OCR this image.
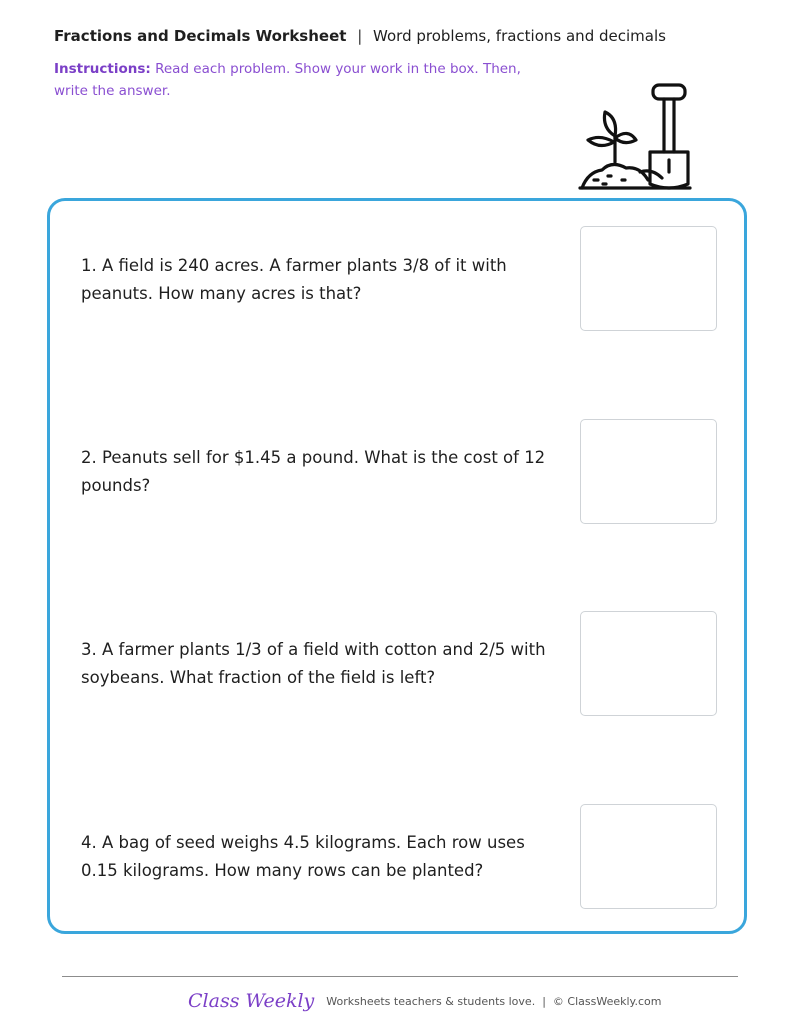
Fractions and Decimals Worksheet | Word problems, fractions and decimals
Instructions: Read each problem. Show your work in the box. Then, write the answer.
1. A field is 240 acres. A farmer plants 3/8 of it with peanuts. How many acres is that?
2. Peanuts sell for $1.45 a pound. What is the cost of 12 pounds?
3. A farmer plants 1/3 of a field with cotton and 2/5 with soybeans. What fraction of the field is left?
4. A bag of seed weighs 4.5 kilograms. Each row uses 0.15 kilograms. How many rows can be planted?
Class Weekly Worksheets teachers & students love. | © ClassWeekly.com
